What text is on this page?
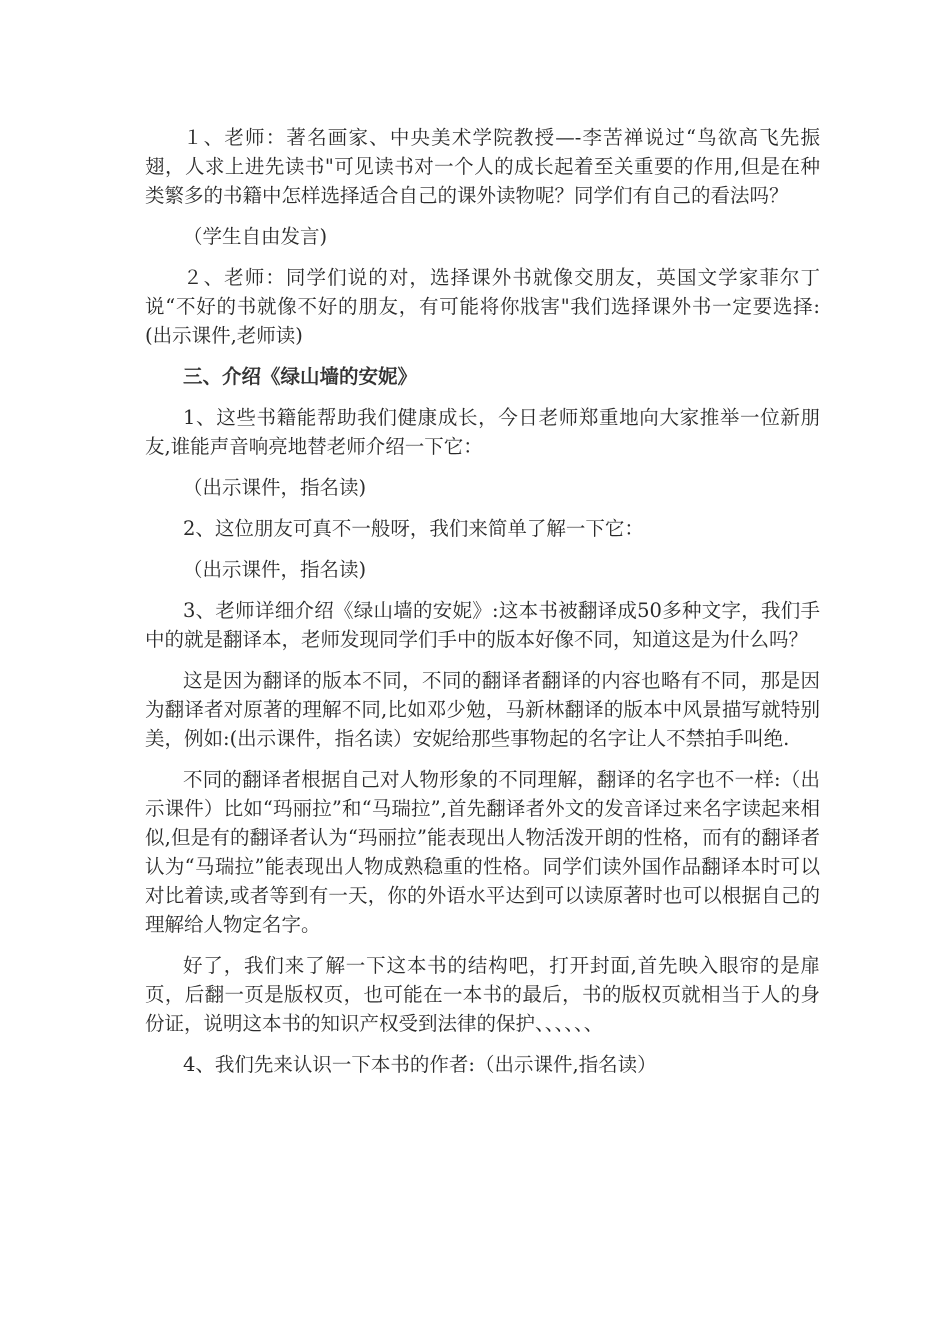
１、老师：著名画家、中央美术学院教授—-李苦禅说过“鸟欲高飞先振翅，人求上进先读书"可见读书对一个人的成长起着至关重要的作用,但是在种类繁多的书籍中怎样选择适合自己的课外读物呢？同学们有自己的看法吗？

（学生自由发言)

２、老师：同学们说的对，选择课外书就像交朋友，英国文学家菲尔丁说“不好的书就像不好的朋友，有可能将你戕害"我们选择课外书一定要选择:(出示课件,老师读)

三、介绍《绿山墙的安妮》

1、这些书籍能帮助我们健康成长，今日老师郑重地向大家推举一位新朋友,谁能声音响亮地替老师介绍一下它：

（出示课件，指名读)

2、这位朋友可真不一般呀，我们来简单了解一下它：

（出示课件，指名读)

3、老师详细介绍《绿山墙的安妮》:这本书被翻译成50多种文字，我们手中的就是翻译本，老师发现同学们手中的版本好像不同，知道这是为什么吗？

这是因为翻译的版本不同，不同的翻译者翻译的内容也略有不同，那是因为翻译者对原著的理解不同,比如邓少勉，马新林翻译的版本中风景描写就特别美，例如:(出示课件，指名读）安妮给那些事物起的名字让人不禁拍手叫绝.

不同的翻译者根据自己对人物形象的不同理解，翻译的名字也不一样:（出示课件）比如“玛丽拉”和“马瑞拉”,首先翻译者外文的发音译过来名字读起来相似,但是有的翻译者认为“玛丽拉”能表现出人物活泼开朗的性格，而有的翻译者认为“马瑞拉”能表现出人物成熟稳重的性格。同学们读外国作品翻译本时可以对比着读,或者等到有一天，你的外语水平达到可以读原著时也可以根据自己的理解给人物定名字。

好了，我们来了解一下这本书的结构吧，打开封面,首先映入眼帘的是扉页，后翻一页是版权页，也可能在一本书的最后，书的版权页就相当于人的身份证，说明这本书的知识产权受到法律的保护、、、、、、

4、我们先来认识一下本书的作者:（出示课件,指名读）
